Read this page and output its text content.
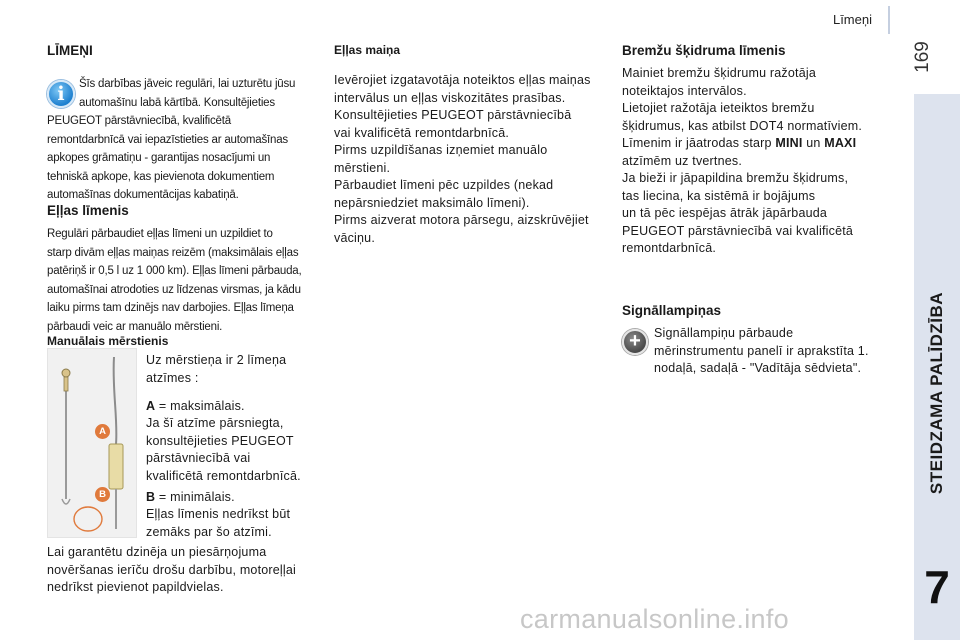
Līmeņi
169
STEIDZAMA PALĪDZĪBA
7
LĪMEŅI
i	Šīs darbības jāveic regulāri, lai uzturētu jūsu
automašīnu labā kārtībā. Konsultējieties
PEUGEOT pārstāvniecībā, kvalificētā
remontdarbnīcā vai iepazīstieties ar automašīnas
apkopes grāmatiņu - garantijas nosacījumi un
tehniskā apkope, kas pievienota dokumentiem
automašīnas dokumentācijas kabatiņā.
Eļļas līmenis
Regulāri pārbaudiet eļļas līmeni un uzpildiet to
starp divām eļļas maiņas reizēm (maksimālais eļļas
patēriņš ir 0,5 l uz 1 000 km). Eļļas līmeni pārbauda,
automašīnai atrodoties uz līdzenas virsmas, ja kādu
laiku pirms tam dzinējs nav darbojies. Eļļas līmeņa
pārbaudi veic ar manuālo mērstieni.
Manuālais mērstienis
A
B
Uz mērstieņa ir 2 līmeņa
atzīmes :
A = maksimālais.
Ja šī atzīme pārsniegta,
konsultējieties PEUGEOT
pārstāvniecībā vai
kvalificētā remontdarbnīcā.
B = minimālais.
Eļļas līmenis nedrīkst būt
zemāks par šo atzīmi.
Lai garantētu dzinēja un piesārņojuma
novēršanas ierīču drošu darbību, motoreļļai
nedrīkst pievienot papildvielas.
Eļļas maiņa
Ievērojiet izgatavotāja noteiktos eļļas maiņas
intervālus un eļļas viskozitātes prasības.
Konsultējieties PEUGEOT pārstāvniecībā
vai kvalificētā remontdarbnīcā.
Pirms uzpildīšanas izņemiet manuālo
mērstieni.
Pārbaudiet līmeni pēc uzpildes (nekad
nepārsniedziet maksimālo līmeni).
Pirms aizverat motora pārsegu, aizskrūvējiet
vāciņu.
Bremžu šķidruma līmenis
Mainiet bremžu šķidrumu ražotāja
noteiktajos intervālos.
Lietojiet ražotāja ieteiktos bremžu
šķidrumus, kas atbilst DOT4 normatīviem.
Līmenim ir jāatrodas starp MINI un MAXI
atzīmēm uz tvertnes.
Ja bieži ir jāpapildina bremžu šķidrums,
tas liecina, ka sistēmā ir bojājums
un tā pēc iespējas ātrāk jāpārbauda
PEUGEOT pārstāvniecībā vai kvalificētā
remontdarbnīcā.
Signāllampiņas
+	Signāllampiņu pārbaude
mērinstrumentu panelī ir aprakstīta 1.
nodaļā, sadaļā - "Vadītāja sēdvieta".
carmanualsonline.info
